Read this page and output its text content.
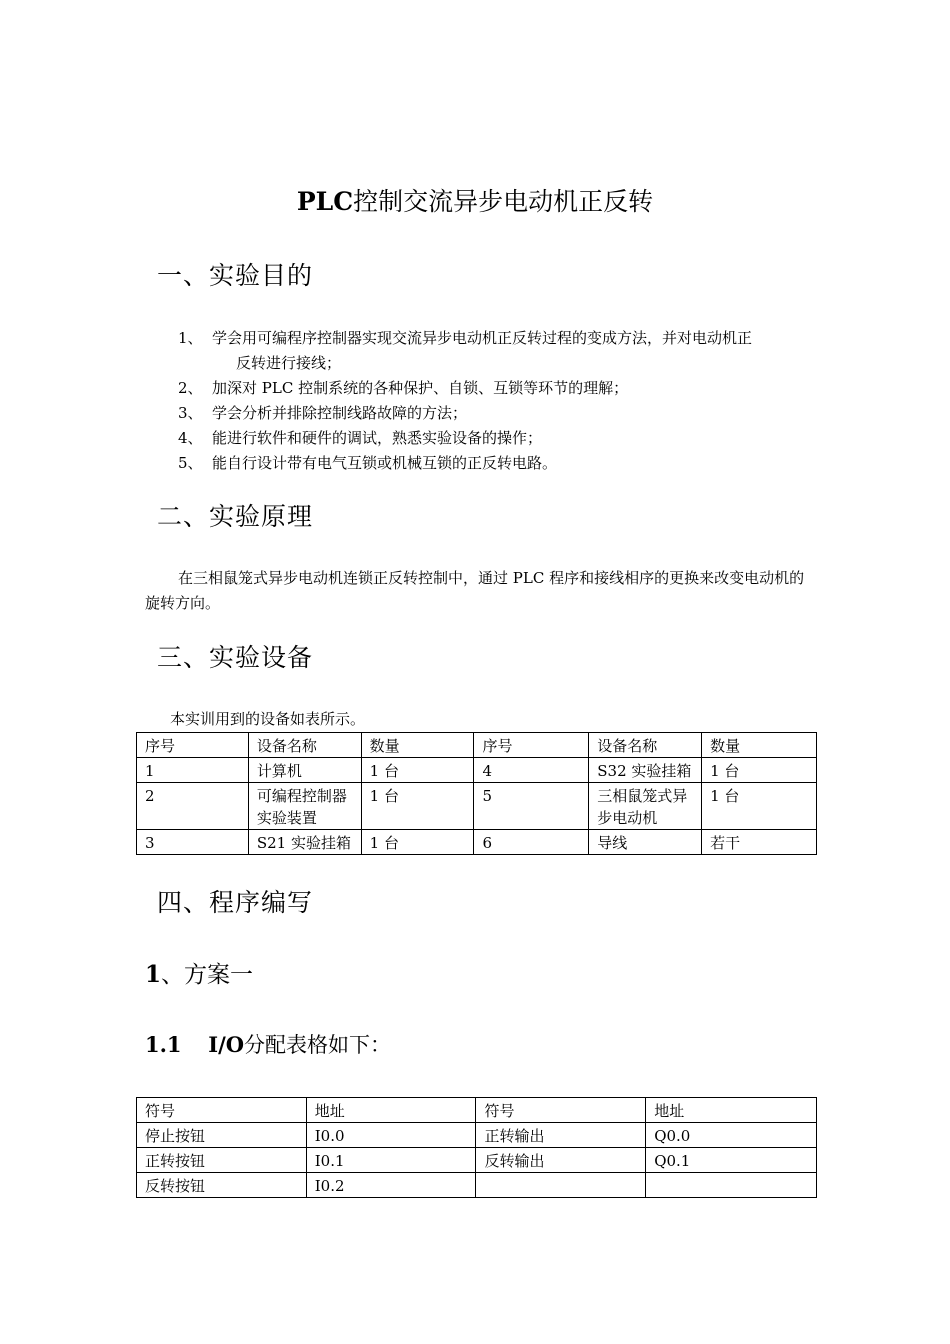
PLC控制交流异步电动机正反转
一、实验目的
1、 学会用可编程序控制器实现交流异步电动机正反转过程的变成方法，并对电动机正
反转进行接线；
2、 加深对 PLC 控制系统的各种保护、自锁、互锁等环节的理解；
3、 学会分析并排除控制线路故障的方法；
4、 能进行软件和硬件的调试，熟悉实验设备的操作；
5、 能自行设计带有电气互锁或机械互锁的正反转电路。
二、实验原理
在三相鼠笼式异步电动机连锁正反转控制中，通过 PLC 程序和接线相序的更换来改变电动机的旋转方向。
三、实验设备
本实训用到的设备如表所示。
序号	设备名称	数量	序号	设备名称	数量
1	计算机	1 台	4	S32 实验挂箱	1 台
2	可编程控制器实验装置	1 台	5	三相鼠笼式异步电动机	1 台
3	S21 实验挂箱	1 台	6	导线	若干
四、程序编写
1、方案一
1.1 I/O分配表格如下：
符号	地址	符号	地址
停止按钮	I0.0	正转输出	Q0.0
正转按钮	I0.1	反转输出	Q0.1
反转按钮	I0.2		
